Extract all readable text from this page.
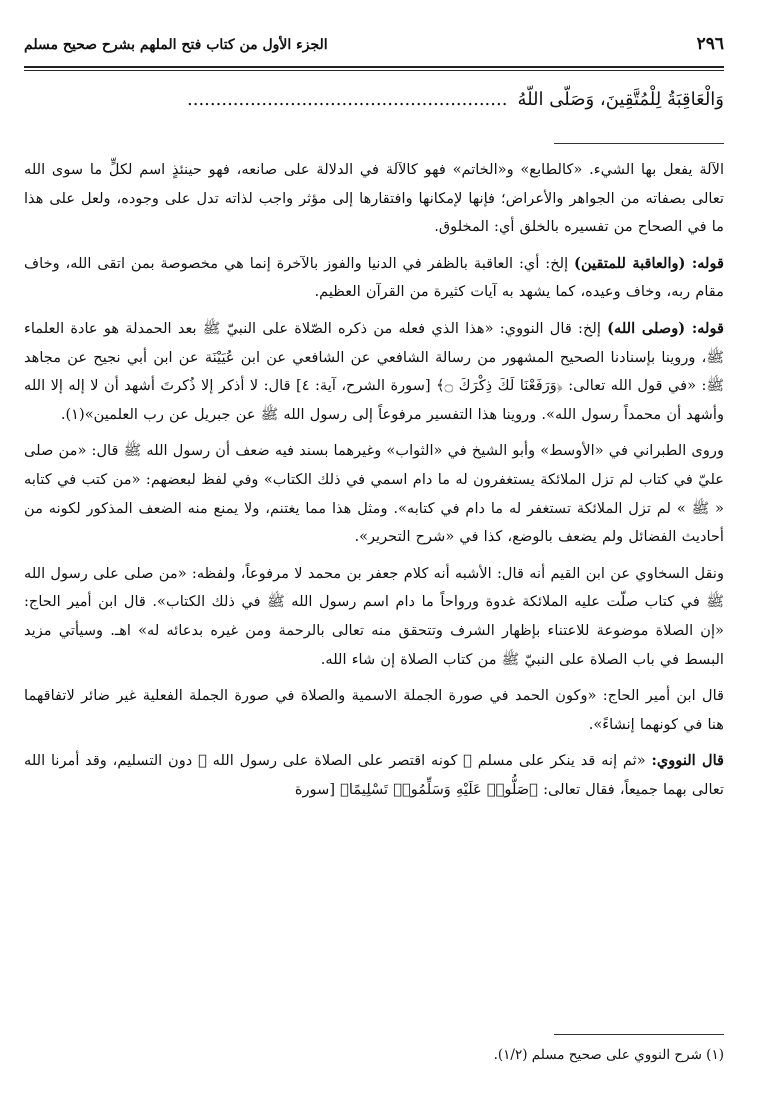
٢٩٦
الجزء الأول من كتاب فتح الملهم بشرح صحيح مسلم
وَالْعَاقِبَةُ لِلْمُتَّقِينَ، وَصَلَّى اللَّهُ........................................................

الآلة يفعل بها الشيء. «كالطابع» و«الخاتم» فهو كالآلة في الدلالة على صانعه، فهو حينئذٍ اسم لكلٍّ ما سوى الله تعالى بصفاته من الجواهر والأعراض؛ فإنها لإمكانها وافتقارها إلى مؤثر واجب لذاته تدل على وجوده، ولعل على هذا ما في الصحاح من تفسيره بالخلق أي: المخلوق.

قوله: (والعاقبة للمتقين) إلخ: أي: العاقبة بالظفر في الدنيا والفوز بالآخرة إنما هي مخصوصة بمن اتقى الله، وخاف مقام ربه، وخاف وعيده، كما يشهد به آيات كثيرة من القرآن العظيم.

قوله: (وصلى الله) إلخ: قال النووي: «هذا الذي فعله من ذكره الصّلاة على النبيّ ﷺ بعد الحمدلة هو عادة العلماء ﷺ، وروينا بإسنادنا الصحيح المشهور من رسالة الشافعي عن الشافعي عن ابن عُيَيْنَة عن ابن أبي نجيح عن مجاهد ﷺ: «في قول الله تعالى: ﴿وَرَفَعْنَا لَكَ ذِكْرَكَ ۝﴾ [سورة الشرح، آية: ٤] قال: لا أذكر إلا ذُكرتَ أشهد أن لا إله إلا الله وأشهد أن محمداً رسول الله». وروينا هذا التفسير مرفوعاً إلى رسول الله ﷺ عن جبريل عن رب العلمين»(١).

وروى الطبراني في «الأوسط» وأبو الشيخ في «الثواب» وغيرهما بسند فيه ضعف أن رسول الله ﷺ قال: «من صلى عليّ في كتاب لم تزل الملائكة يستغفرون له ما دام اسمي في ذلك الكتاب» وفي لفظ لبعضهم: «من كتب في كتابه « ﷺ » لم تزل الملائكة تستغفر له ما دام في كتابه». ومثل هذا مما يغتنم، ولا يمنع منه الضعف المذكور لكونه من أحاديث الفضائل ولم يضعف بالوضع، كذا في «شرح التحرير».

ونقل السخاوي عن ابن القيم أنه قال: الأشبه أنه كلام جعفر بن محمد لا مرفوعاً، ولفظه: «من صلى على رسول الله ﷺ في كتاب صلّت عليه الملائكة غدوة ورواحاً ما دام اسم رسول الله ﷺ في ذلك الكتاب». قال ابن أمير الحاج: «إن الصلاة موضوعة للاعتناء بإظهار الشرف وتتحقق منه تعالى بالرحمة ومن غيره بدعائه له» اهـ. وسيأتي مزيد البسط في باب الصلاة على النبيّ ﷺ من كتاب الصلاة إن شاء الله.

قال ابن أمير الحاج: «وكون الحمد في صورة الجملة الاسمية والصلاة في صورة الجملة الفعلية غير ضائر لاتفاقهما هنا في كونهما إنشاءً».

قال النووي: «ثم إنه قد ينكر على مسلم ﷺ كونه اقتصر على الصلاة على رسول الله ﷺ دون التسليم، وقد أمرنا الله تعالى بهما جميعاً، فقال تعالى: ﴿صَلُّوا۟ عَلَيْهِ وَسَلِّمُوا۟ تَسْلِيمًا﴾ [سورة

(١) شرح النووي على صحيح مسلم (١/٢).
